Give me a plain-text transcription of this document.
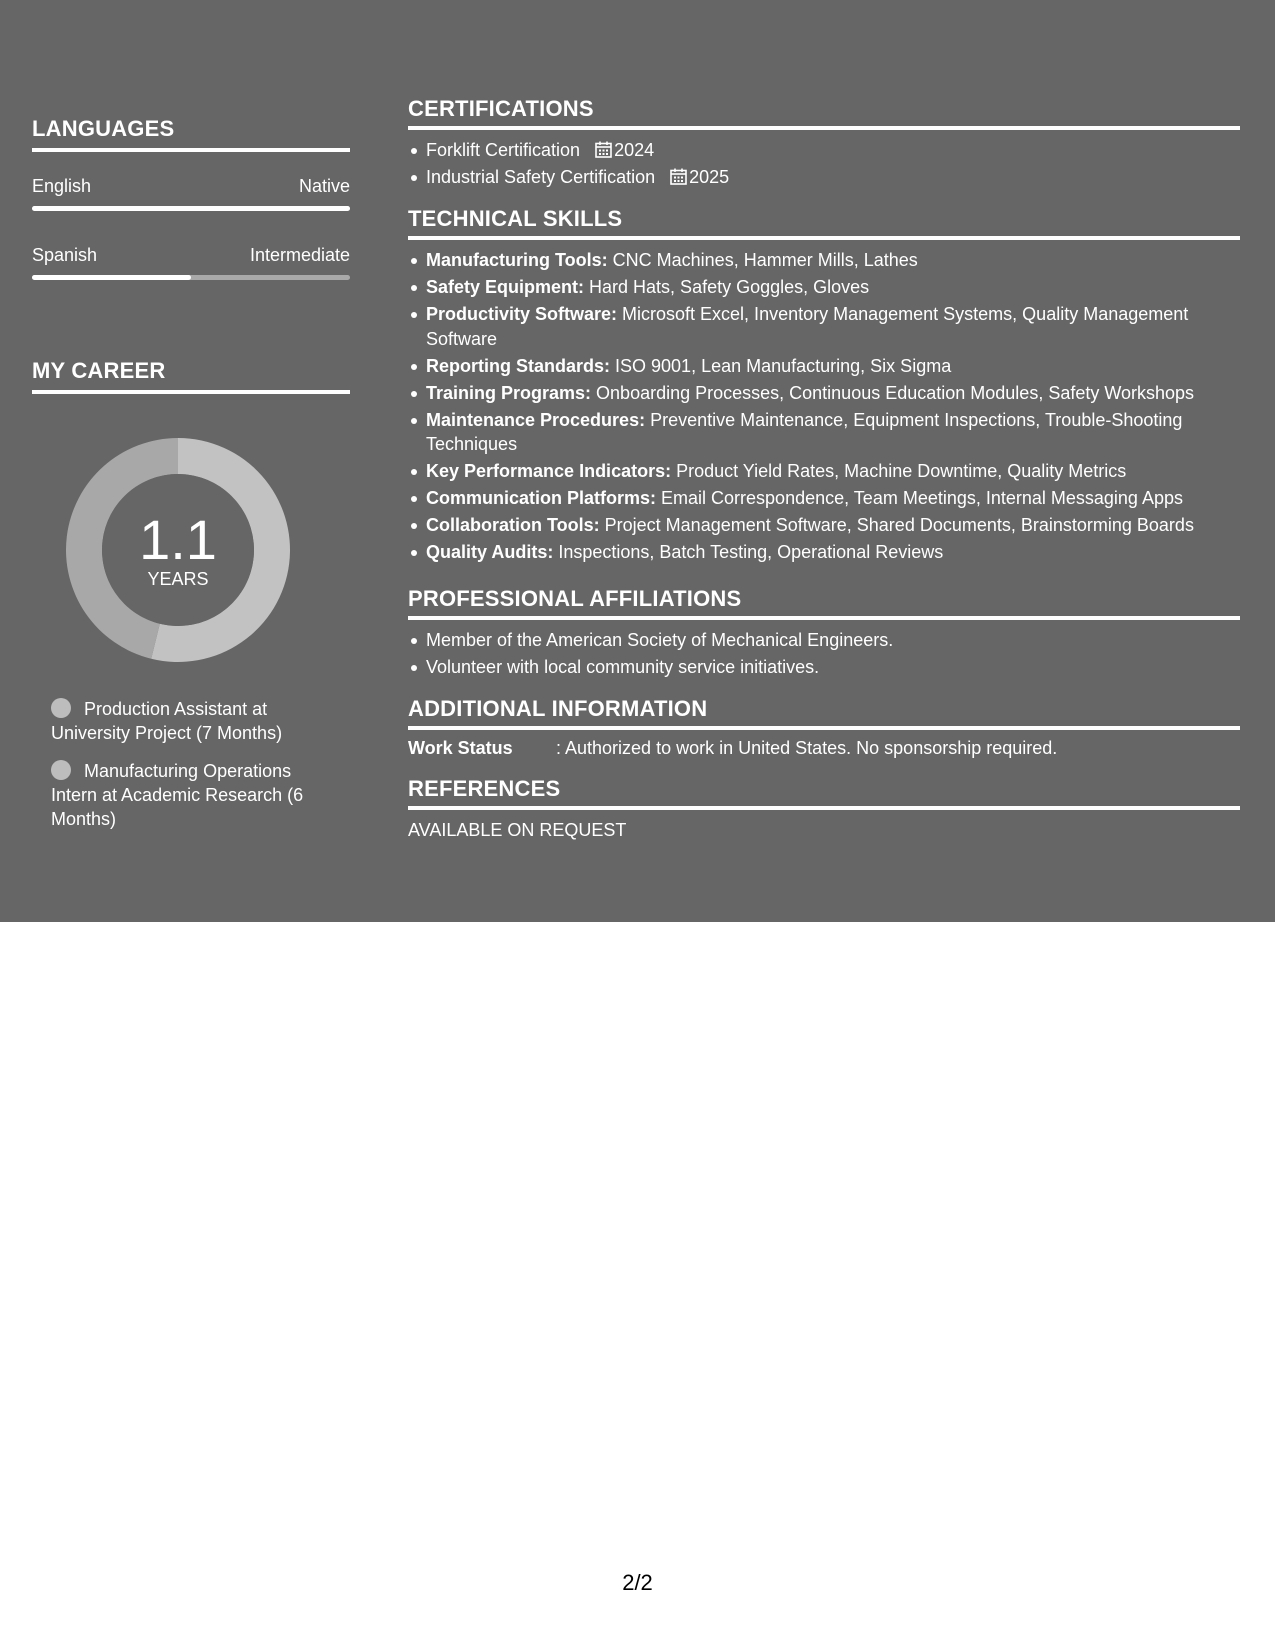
LANGUAGES
English	Native
Spanish	Intermediate
MY CAREER
1.1
YEARS
Production Assistant at University Project (7 Months)
Manufacturing Operations Intern at Academic Research (6 Months)
CERTIFICATIONS
Forklift Certification 2024
Industrial Safety Certification 2025
TECHNICAL SKILLS
Manufacturing Tools: CNC Machines, Hammer Mills, Lathes
Safety Equipment: Hard Hats, Safety Goggles, Gloves
Productivity Software: Microsoft Excel, Inventory Management Systems, Quality Management Software
Reporting Standards: ISO 9001, Lean Manufacturing, Six Sigma
Training Programs: Onboarding Processes, Continuous Education Modules, Safety Workshops
Maintenance Procedures: Preventive Maintenance, Equipment Inspections, Trouble-Shooting Techniques
Key Performance Indicators: Product Yield Rates, Machine Downtime, Quality Metrics
Communication Platforms: Email Correspondence, Team Meetings, Internal Messaging Apps
Collaboration Tools: Project Management Software, Shared Documents, Brainstorming Boards
Quality Audits: Inspections, Batch Testing, Operational Reviews
PROFESSIONAL AFFILIATIONS
Member of the American Society of Mechanical Engineers.
Volunteer with local community service initiatives.
ADDITIONAL INFORMATION
Work Status	: Authorized to work in United States. No sponsorship required.
REFERENCES
AVAILABLE ON REQUEST
2/2
